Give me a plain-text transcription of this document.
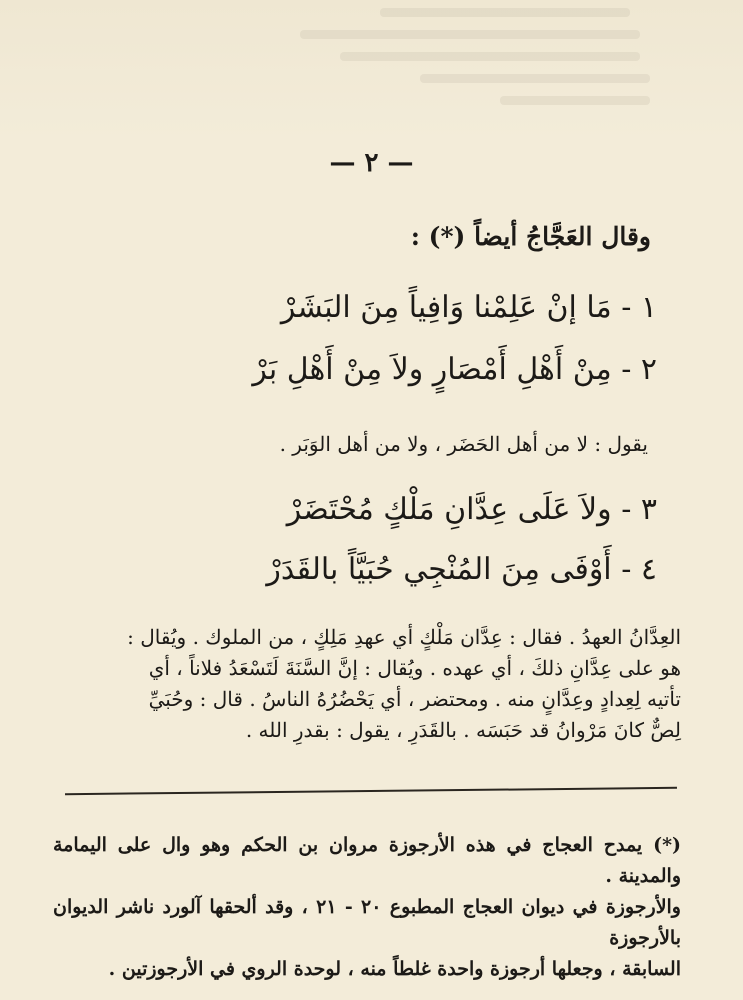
— ٢ —
وقال العَجَّاجُ أيضاً (*) :
١ - مَا إنْ عَلِمْنا وَافِياً مِنَ البَشَرْ
٢ - مِنْ أَهْلِ أَمْصَارٍ ولاَ مِنْ أَهْلِ بَرْ
يقول : لا من أهل الحَضَر ، ولا من أهل الوَبَر .
٣ - ولاَ عَلَى عِدَّانِ مَلْكٍ مُحْتَضَرْ
٤ - أَوْفَى مِنَ المُنْجِي حُبَيَّاً بالقَدَرْ

العِدَّانُ العهدُ . فقال : عِدَّان مَلْكٍ أي عهدِ مَلِكٍ ، من الملوك . ويُقال :

هو على عِدَّانِ ذلكَ ، أي عهده . ويُقال : إنَّ السَّنَةَ لَتَسْعَدُ فلاناً ، أي

تأتيه لِعِدادٍ وعِدَّانٍ منه . ومحتضر ، أي يَحْضُرُهُ الناسُ . قال : وحُبَيِّ

لِصٌّ كانَ مَرْوانُ قد حَبَسَه . بالقَدَرِ ، يقول : بقدرِ الله .

(*) يمدح العجاج في هذه الأرجوزة مروان بن الحكم وهو وال على اليمامة والمدينة .

والأرجوزة في ديوان العجاج المطبوع ٢٠ - ٢١ ، وقد ألحقها آلورد ناشر الديوان بالأرجوزة

السابقة ، وجعلها أرجوزة واحدة غلطاً منه ، لوحدة الروي في الأرجوزتين .
